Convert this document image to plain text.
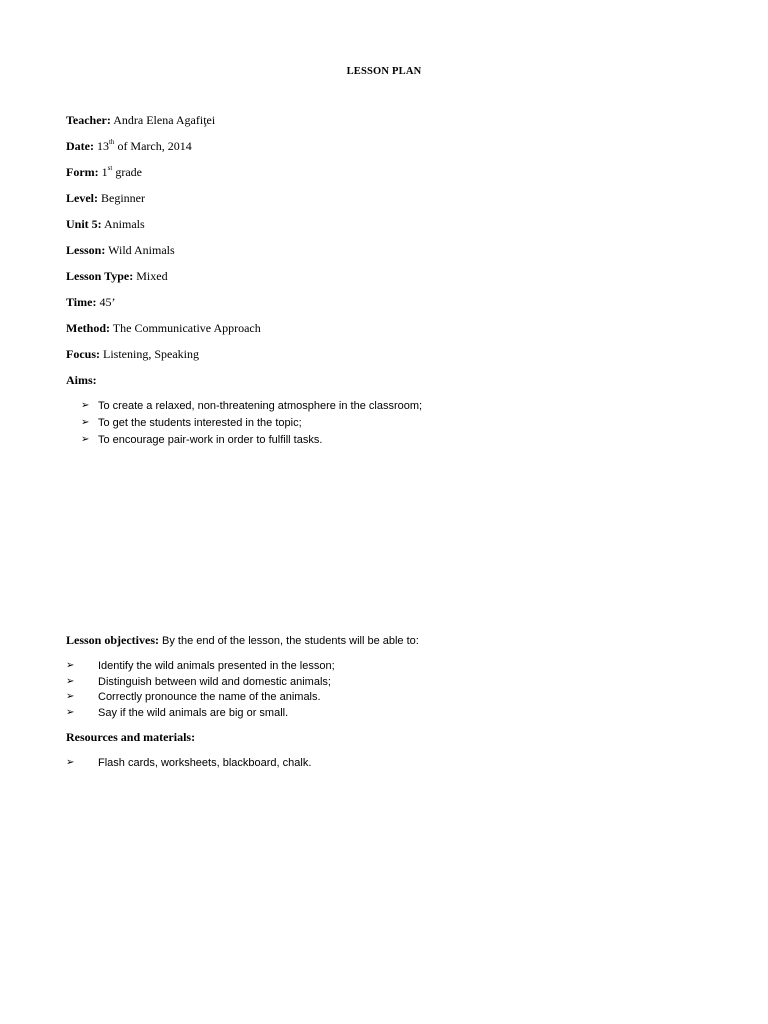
LESSON PLAN
Teacher: Andra Elena Agafiţei
Date: 13th of March, 2014
Form: 1st grade
Level: Beginner
Unit 5: Animals
Lesson: Wild Animals
Lesson Type: Mixed
Time: 45’
Method: The Communicative Approach
Focus: Listening, Speaking
Aims:
➢ To create a relaxed, non-threatening atmosphere in the classroom;
➢ To get the students interested in the topic;
➢ To encourage pair-work in order to fulfill tasks.
Lesson objectives: By the end of the lesson, the students will be able to:
➢ Identify the wild animals presented in the lesson;
➢ Distinguish between wild and domestic animals;
➢ Correctly pronounce the name of the animals.
➢ Say if the wild animals are big or small.
Resources and materials:
➢ Flash cards, worksheets, blackboard, chalk.
